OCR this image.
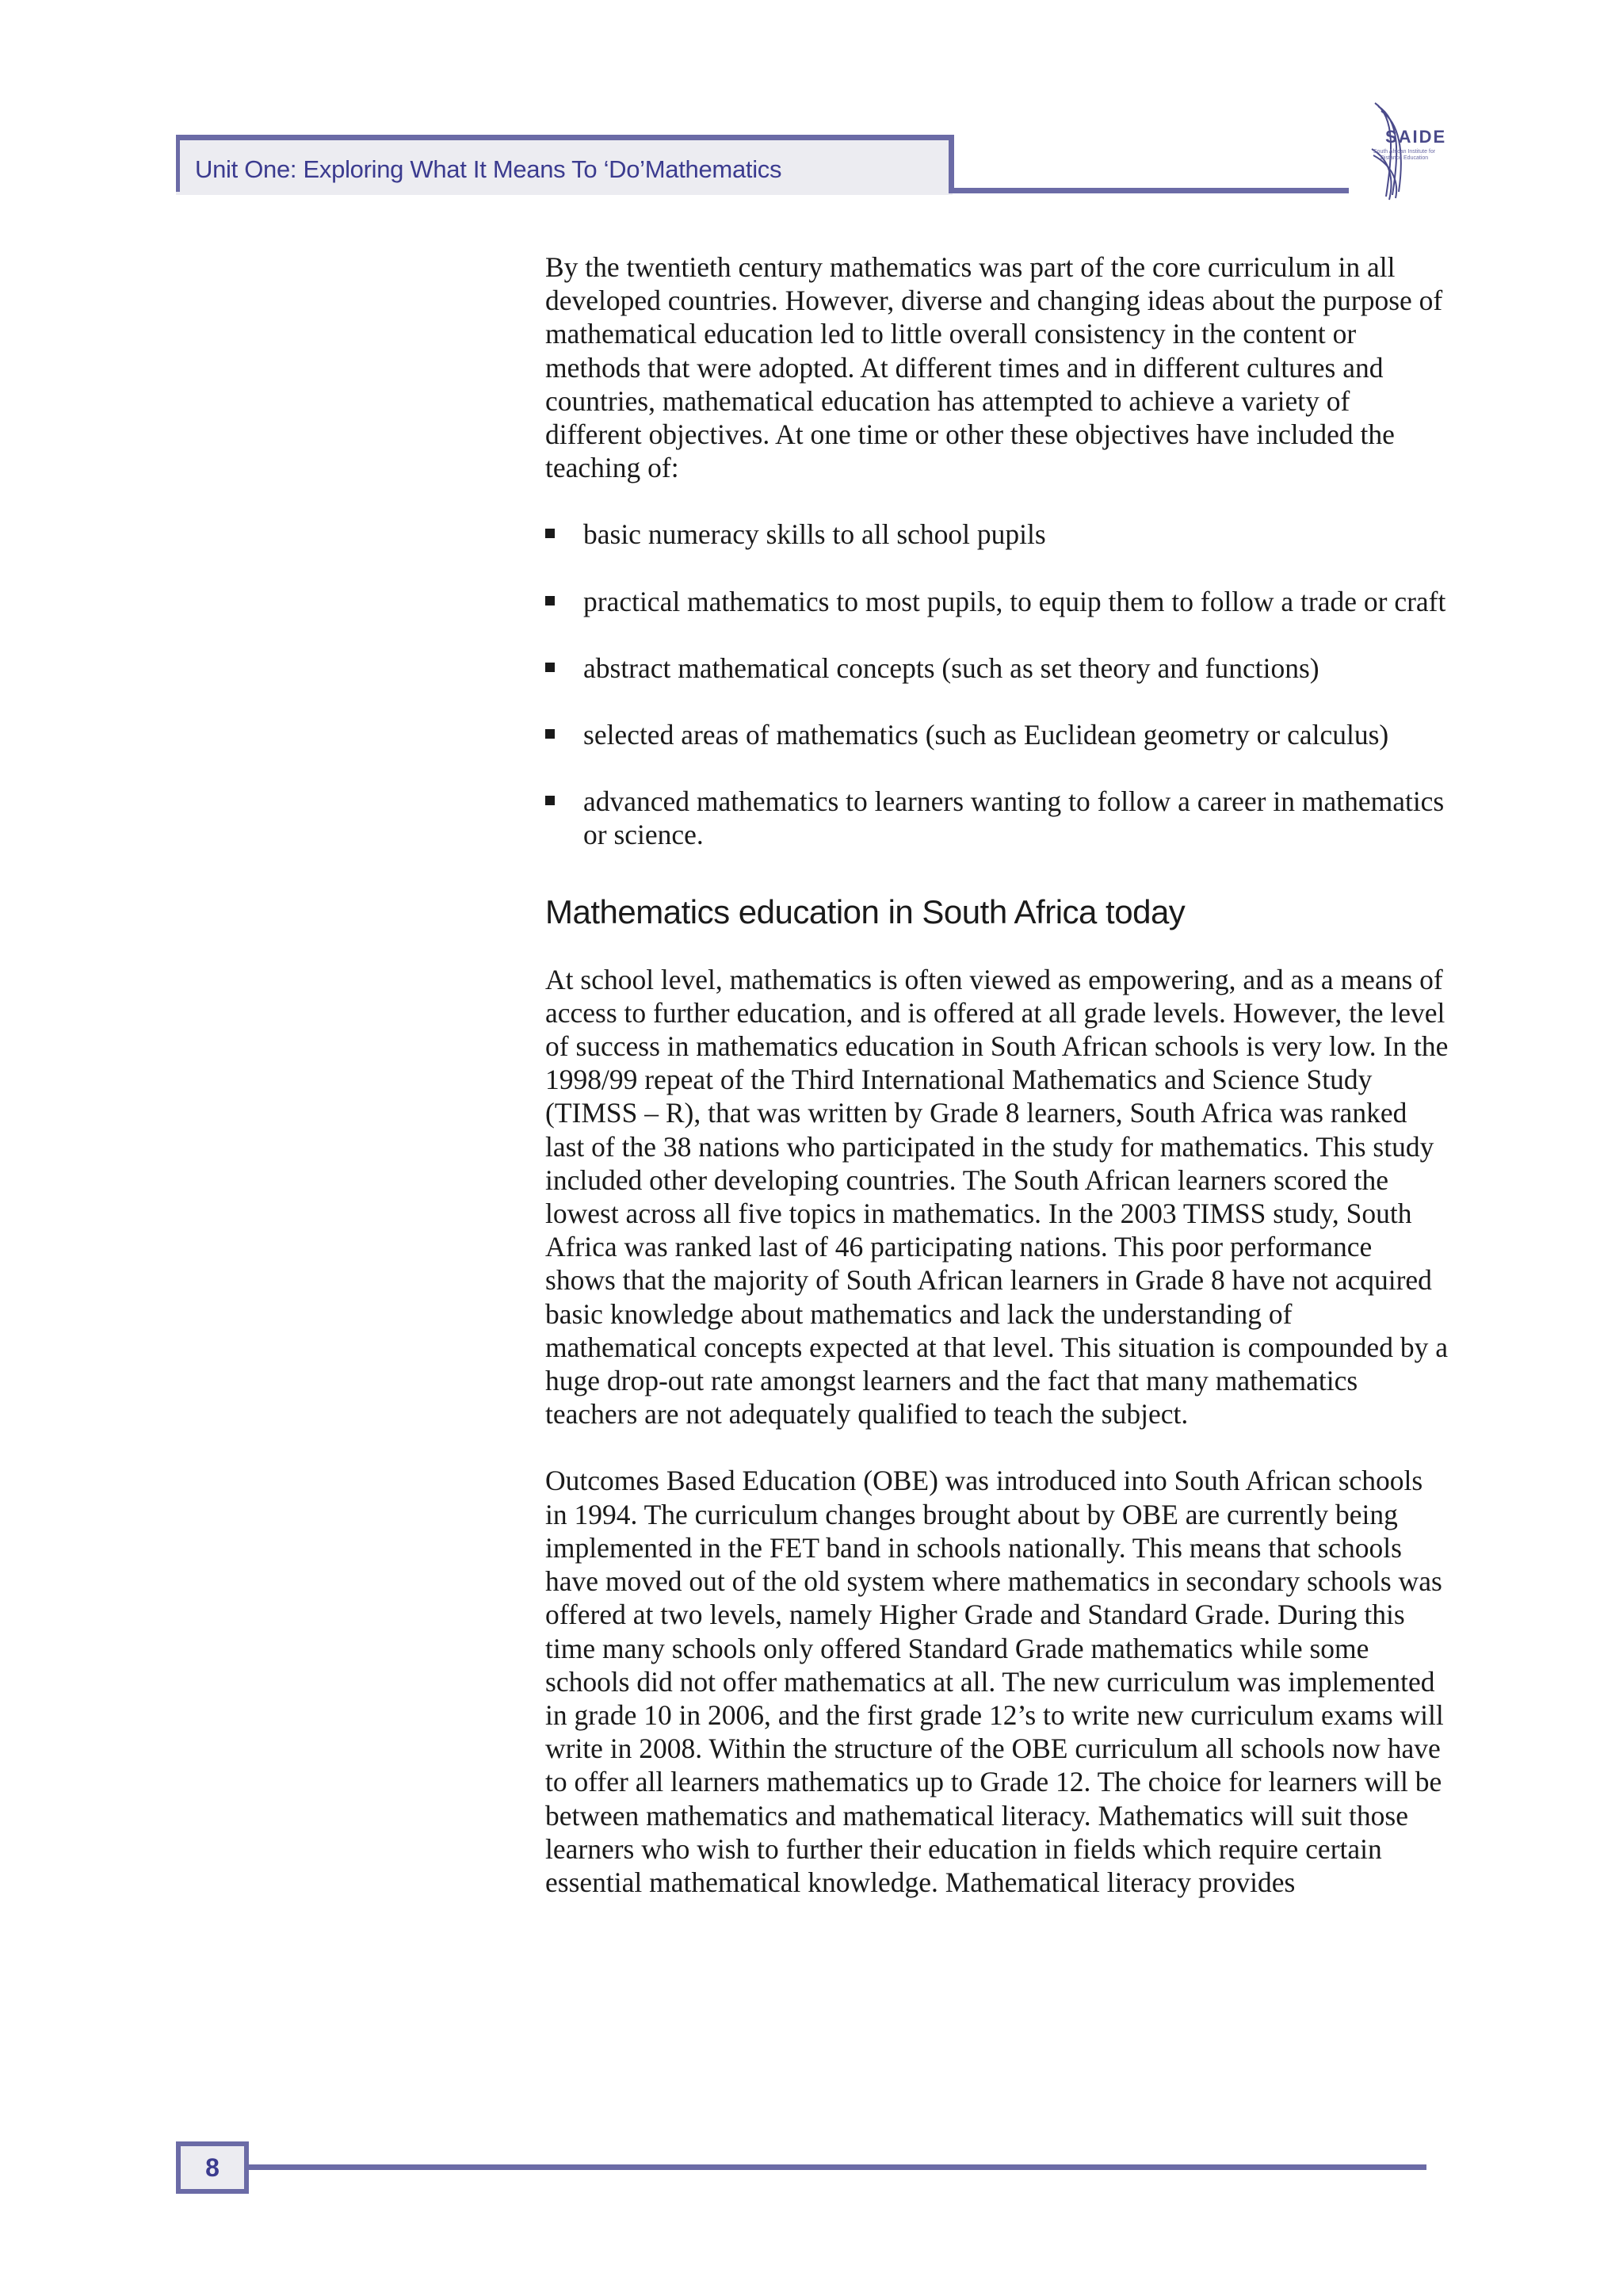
Unit One: Exploring What It Means To ‘Do’Mathematics
SAIDE
South African Institute for
Distance Education

By the twentieth century mathematics was part of the core curriculum in all developed countries. However, diverse and changing ideas about the purpose of mathematical education led to little overall consistency in the content or methods that were adopted. At different times and in different cultures and countries, mathematical education has attempted to achieve a variety of different objectives. At one time or other these objectives have included the teaching of:

basic numeracy skills to all school pupils
practical mathematics to most pupils, to equip them to follow a trade or craft
abstract mathematical concepts (such as set theory and functions)
selected areas of mathematics (such as Euclidean geometry or calculus)
advanced mathematics to learners wanting to follow a career in mathematics or science.
Mathematics education in South Africa today

At school level, mathematics is often viewed as empowering, and as a means of access to further education, and is offered at all grade levels. However, the level of success in mathematics education in South African schools is very low. In the 1998/99 repeat of the Third International Mathematics and Science Study (TIMSS – R), that was written by Grade 8 learners, South Africa was ranked last of the 38 nations who participated in the study for mathematics. This study included other developing countries. The South African learners scored the lowest across all five topics in mathematics. In the 2003 TIMSS study, South Africa was ranked last of 46 participating nations. This poor performance shows that the majority of South African learners in Grade 8 have not acquired basic knowledge about mathematics and lack the understanding of mathematical concepts expected at that level. This situation is compounded by a huge drop-out rate amongst learners and the fact that many mathematics teachers are not adequately qualified to teach the subject.

Outcomes Based Education (OBE) was introduced into South African schools in 1994. The curriculum changes brought about by OBE are currently being implemented in the FET band in schools nationally. This means that schools have moved out of the old system where mathematics in secondary schools was offered at two levels, namely Higher Grade and Standard Grade. During this time many schools only offered Standard Grade mathematics while some schools did not offer mathematics at all. The new curriculum was implemented in grade 10 in 2006, and the first grade 12’s to write new curriculum exams will write in 2008. Within the structure of the OBE curriculum all schools now have to offer all learners mathematics up to Grade 12. The choice for learners will be between mathematics and mathematical literacy. Mathematics will suit those learners who wish to further their education in fields which require certain essential mathematical knowledge. Mathematical literacy provides

8
